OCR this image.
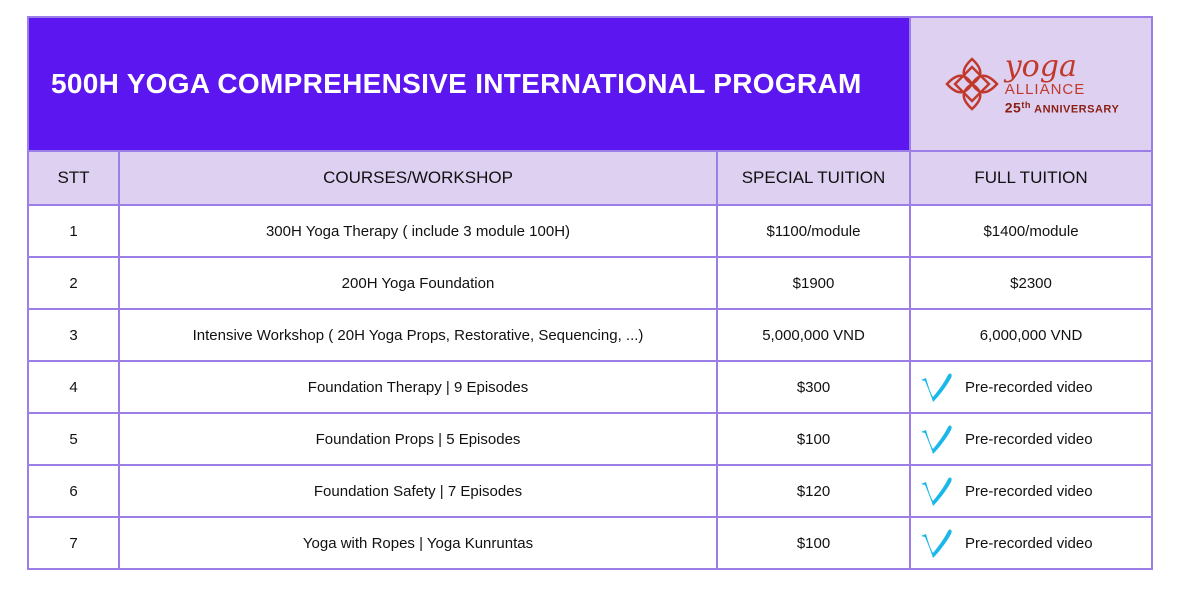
500H YOGA COMPREHENSIVE INTERNATIONAL PROGRAM			yoga
ALLIANCE
25th ANNIVERSARY

STT	COURSES/WORKSHOP	SPECIAL TUITION	FULL TUITION
1	300H Yoga Therapy ( include 3 module 100H)	$1100/module	$1400/module
2	200H Yoga Foundation	$1900	$2300
3	Intensive Workshop ( 20H Yoga Props, Restorative, Sequencing, ...)	5,000,000 VND	6,000,000 VND
4	Foundation Therapy | 9 Episodes	$300	Pre-recorded video

5	Foundation Props | 5 Episodes	$100	Pre-recorded video

6	Foundation Safety | 7 Episodes	$120	Pre-recorded video

7	Yoga with Ropes | Yoga Kunruntas	$100	Pre-recorded video
